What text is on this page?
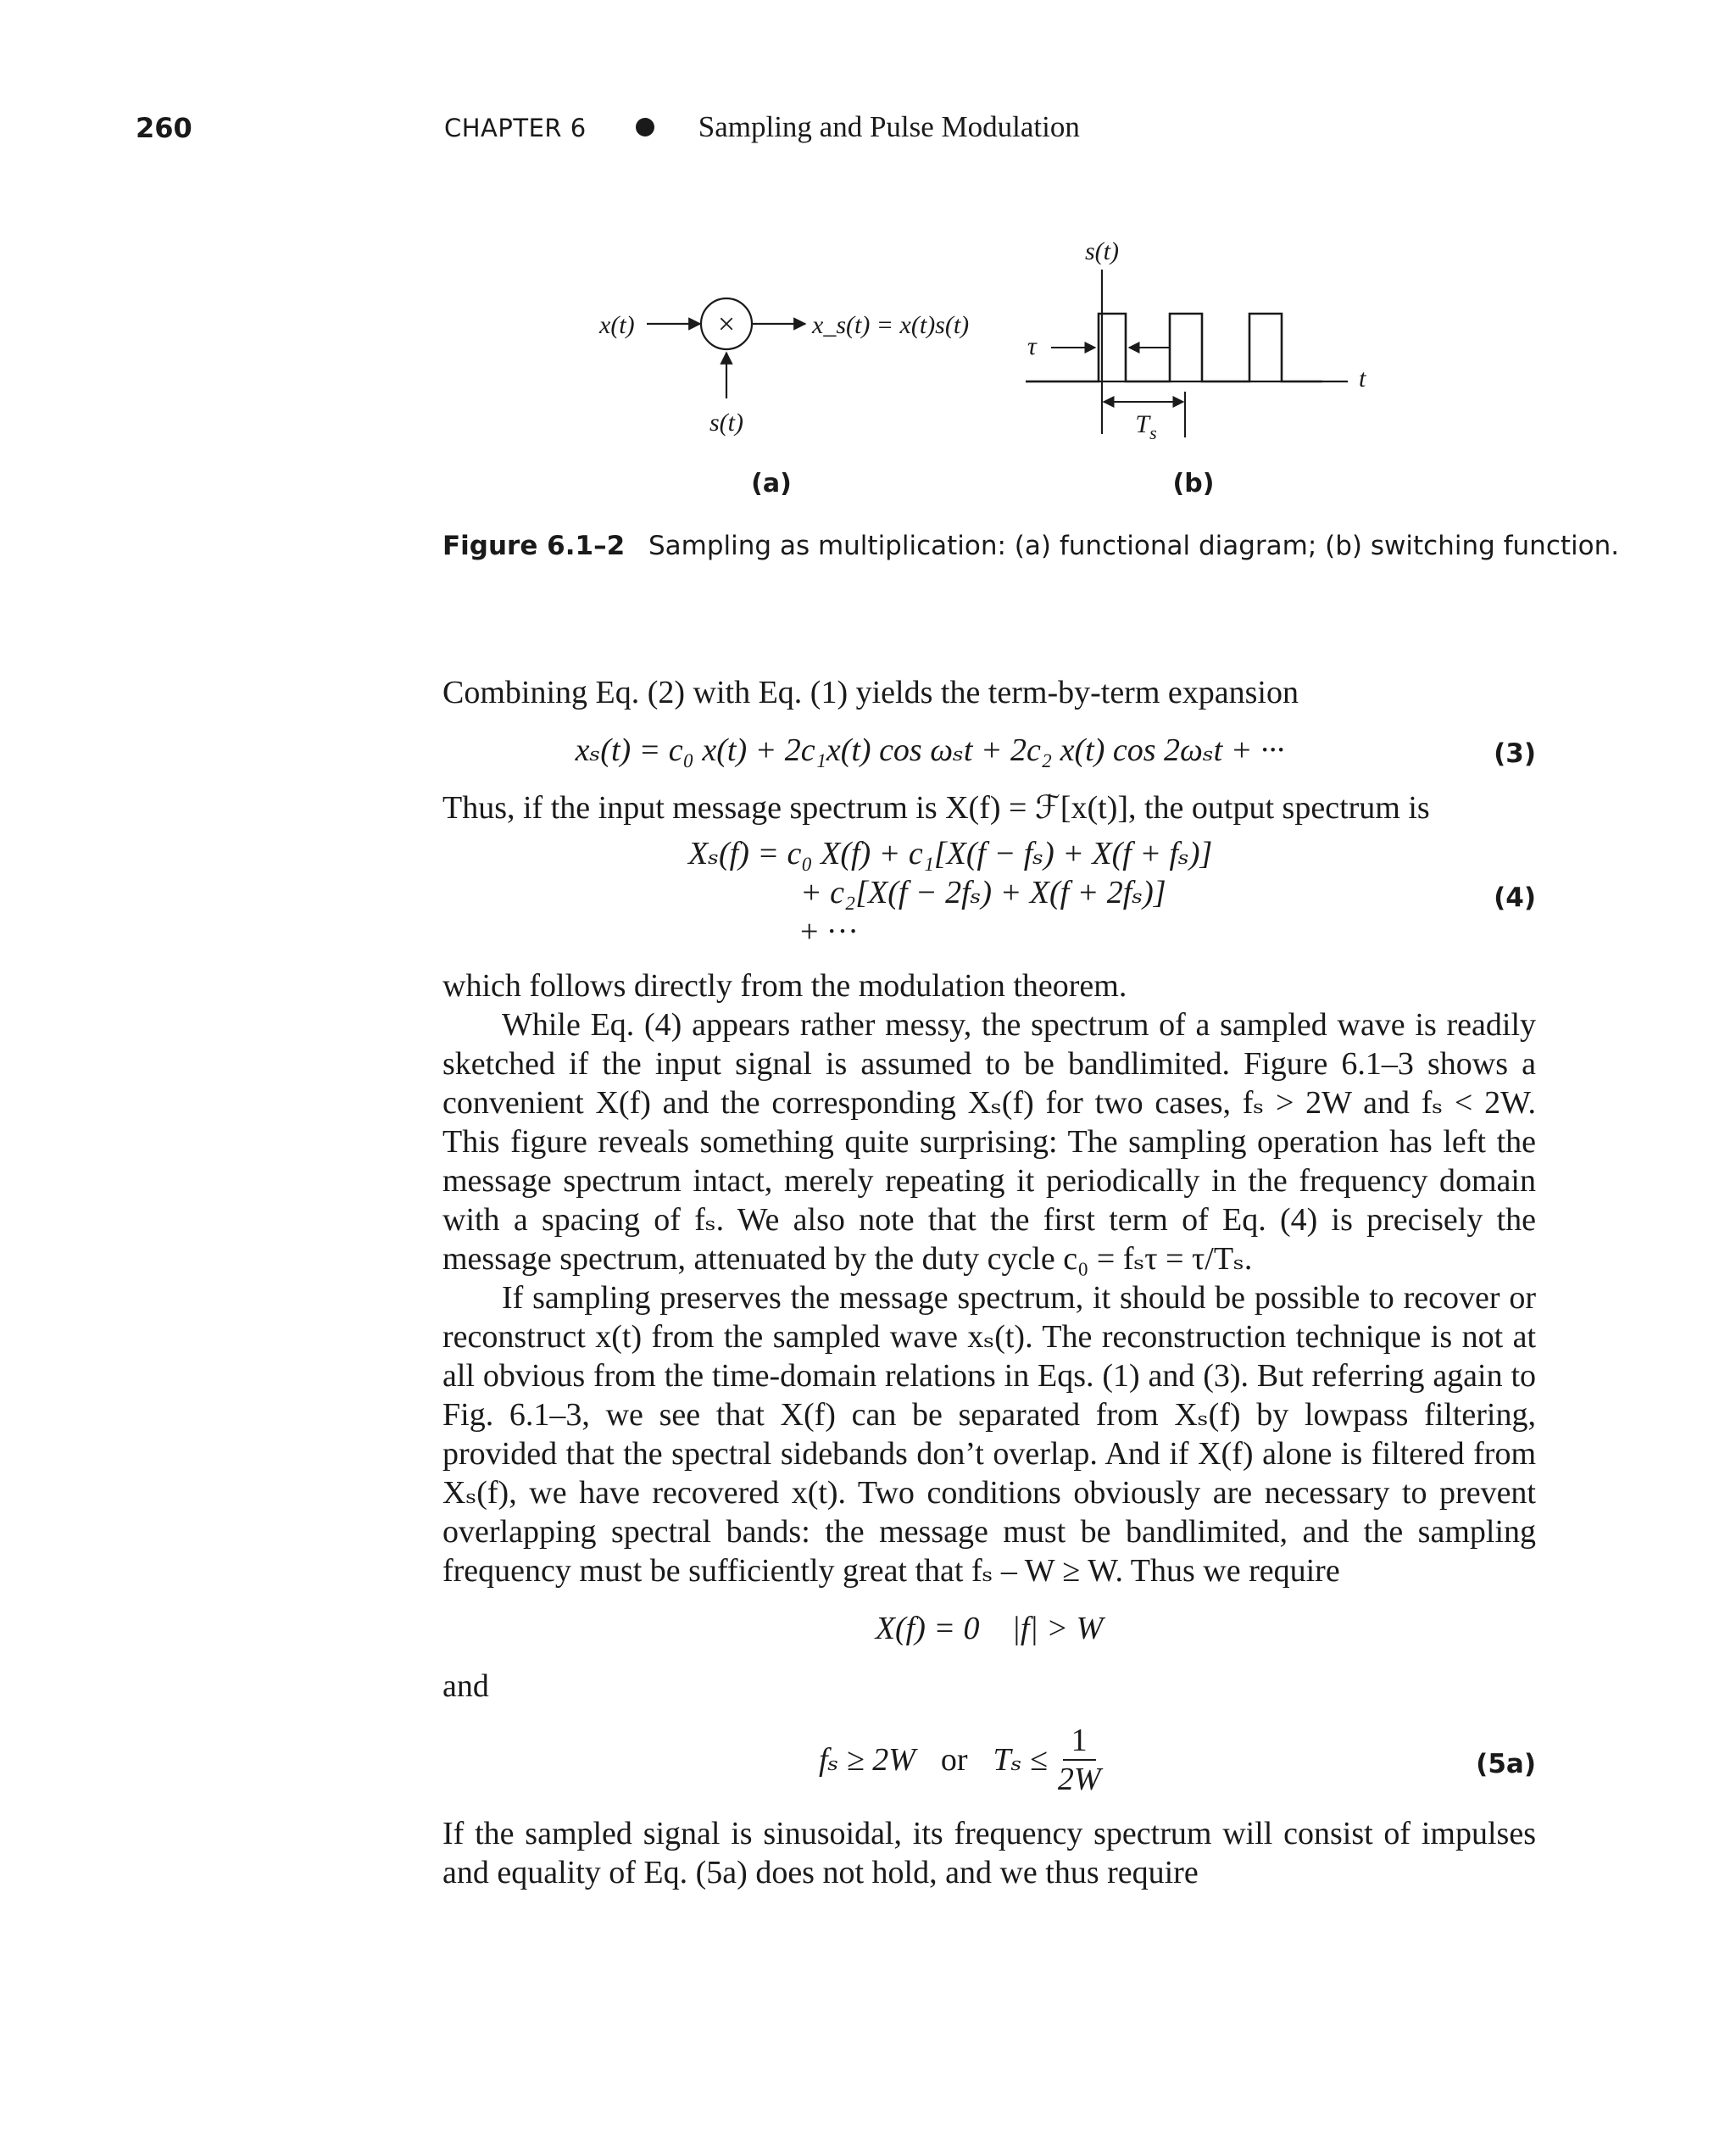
260	CHAPTER 6	Sampling and Pulse Modulation
x(t)	×	x_s(t) = x(t)s(t)
s(t)
(a)
s(t)
t
τ
$T_s$
(b)
Figure 6.1–2 Sampling as multiplication: (a) functional diagram; (b) switching function.

Combining Eq. (2) with Eq. (1) yields the term-by-term expansion

xₛ(t) = c₀ x(t) + 2c₁x(t) cos ωₛt + 2c₂ x(t) cos 2ωₛt + ···	(3)

Thus, if the input message spectrum is X(f) = ℱ[x(t)], the output spectrum is

Xₛ(f) = c₀ X(f) + c₁[X(f − fₛ) + X(f + fₛ)]
+ c₂[X(f − 2fₛ) + X(f + 2fₛ)]
+ ···
(4)

which follows directly from the modulation theorem.

While Eq. (4) appears rather messy, the spectrum of a sampled wave is readily sketched if the input signal is assumed to be bandlimited. Figure 6.1–3 shows a convenient X(f) and the corresponding Xₛ(f) for two cases, fₛ > 2W and fₛ < 2W. This figure reveals something quite surprising: The sampling operation has left the message spectrum intact, merely repeating it periodically in the frequency domain with a spacing of fₛ. We also note that the first term of Eq. (4) is precisely the message spectrum, attenuated by the duty cycle c₀ = fₛτ = τ/Tₛ.

If sampling preserves the message spectrum, it should be possible to recover or reconstruct x(t) from the sampled wave xₛ(t). The reconstruction technique is not at all obvious from the time-domain relations in Eqs. (1) and (3). But referring again to Fig. 6.1–3, we see that X(f) can be separated from Xₛ(f) by lowpass filtering, provided that the spectral sidebands don’t overlap. And if X(f) alone is filtered from Xₛ(f), we have recovered x(t). Two conditions obviously are necessary to prevent overlapping spectral bands: the message must be bandlimited, and the sampling frequency must be sufficiently great that fₛ – W ≥ W. Thus we require

X(f) = 0    |f| > W

and

fₛ ≥ 2W or $T_s \le \frac{1}{2W}$	(5a)

If the sampled signal is sinusoidal, its frequency spectrum will consist of impulses and equality of Eq. (5a) does not hold, and we thus require
